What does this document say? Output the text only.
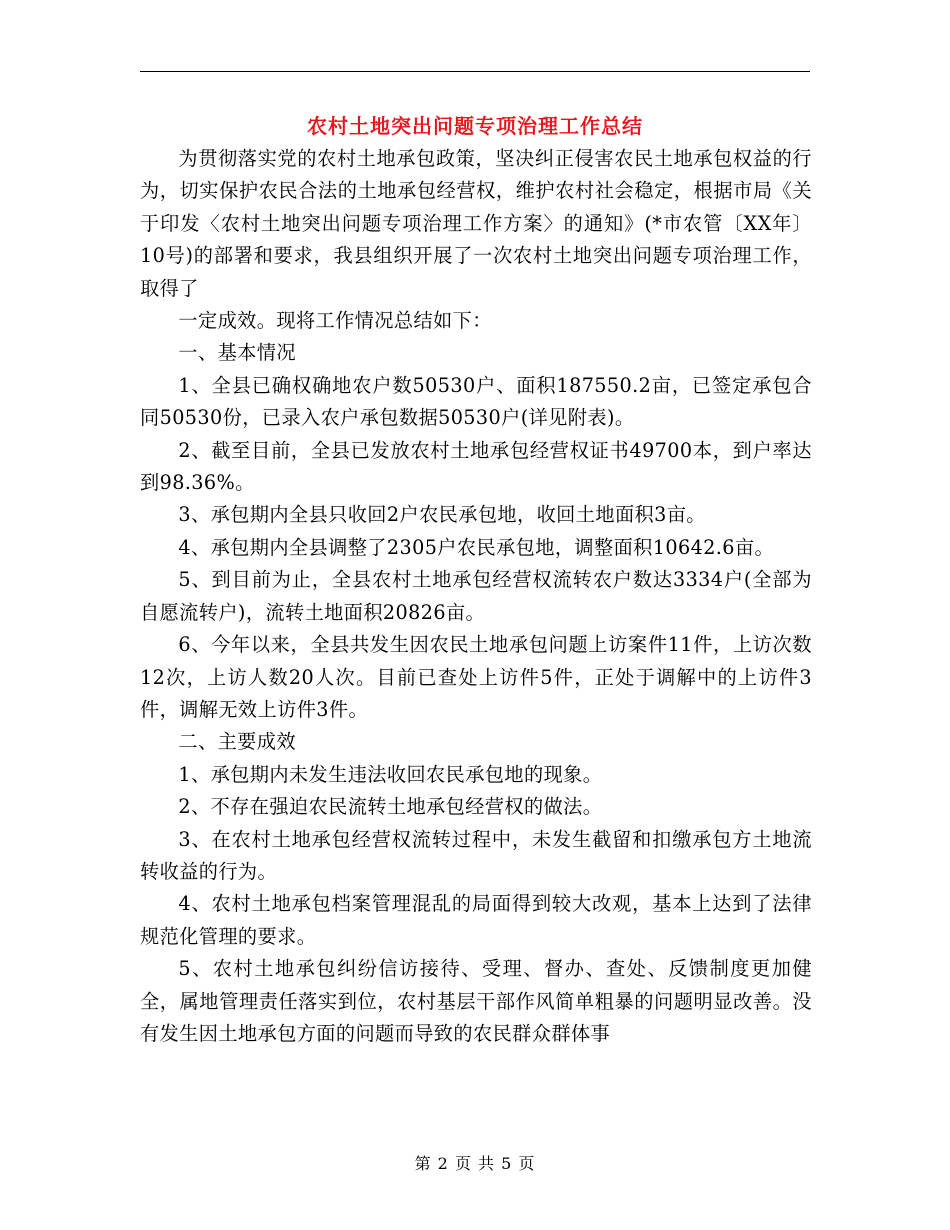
农村土地突出问题专项治理工作总结

为贯彻落实党的农村土地承包政策，坚决纠正侵害农民土地承包权益的行为，切实保护农民合法的土地承包经营权，维护农村社会稳定，根据市局《关于印发〈农村土地突出问题专项治理工作方案〉的通知》(*市农管〔XX年〕10号)的部署和要求，我县组织开展了一次农村土地突出问题专项治理工作，取得了

一定成效。现将工作情况总结如下：

一、基本情况

1、全县已确权确地农户数50530户、面积187550.2亩，已签定承包合同50530份，已录入农户承包数据50530户(详见附表)。

2、截至目前，全县已发放农村土地承包经营权证书49700本，到户率达到98.36%。

3、承包期内全县只收回2户农民承包地，收回土地面积3亩。

4、承包期内全县调整了2305户农民承包地，调整面积10642.6亩。

5、到目前为止，全县农村土地承包经营权流转农户数达3334户(全部为自愿流转户)，流转土地面积20826亩。

6、今年以来，全县共发生因农民土地承包问题上访案件11件，上访次数12次，上访人数20人次。目前已查处上访件5件，正处于调解中的上访件3件，调解无效上访件3件。

二、主要成效

1、承包期内未发生违法收回农民承包地的现象。

2、不存在强迫农民流转土地承包经营权的做法。

3、在农村土地承包经营权流转过程中，未发生截留和扣缴承包方土地流转收益的行为。

4、农村土地承包档案管理混乱的局面得到较大改观，基本上达到了法律规范化管理的要求。

5、农村土地承包纠纷信访接待、受理、督办、查处、反馈制度更加健全，属地管理责任落实到位，农村基层干部作风简单粗暴的问题明显改善。没有发生因土地承包方面的问题而导致的农民群众群体事

第 2 页 共 5 页
